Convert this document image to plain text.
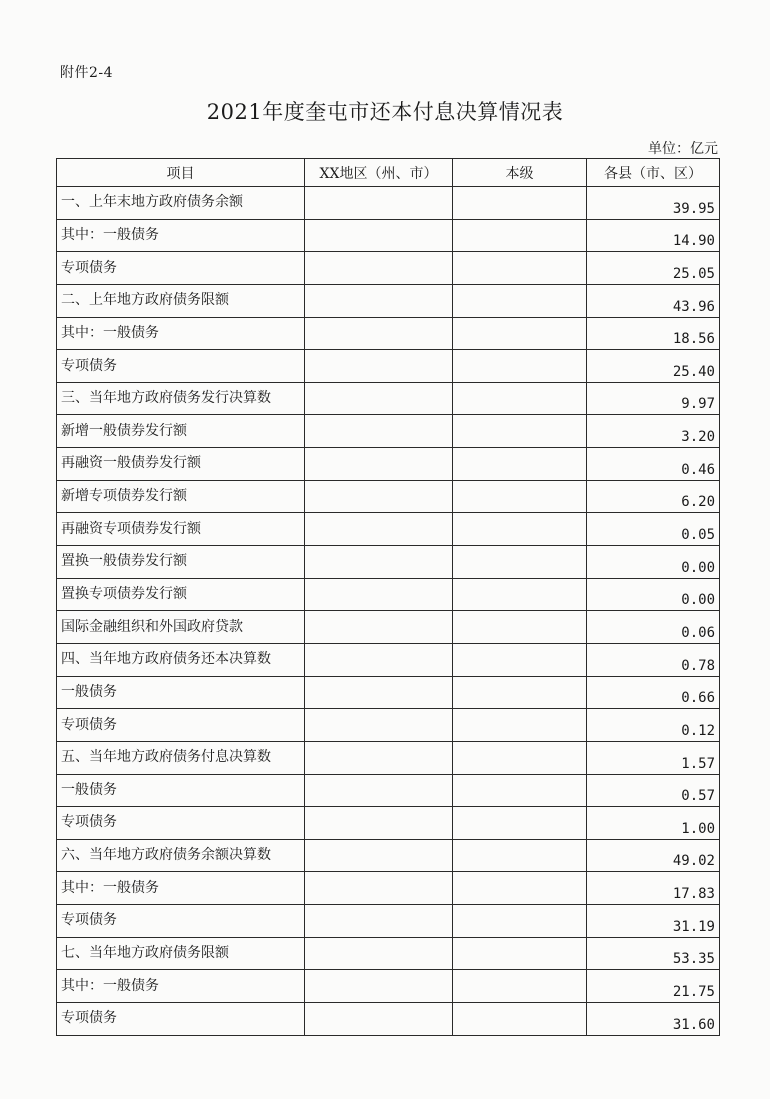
附件2-4
2021年度奎屯市还本付息决算情况表
单位：亿元
项目	XX地区（州、市）	本级	各县（市、区）
一、上年末地方政府债务余额			39.95
其中：一般债务			14.90
专项债务			25.05
二、上年地方政府债务限额			43.96
其中：一般债务			18.56
专项债务			25.40
三、当年地方政府债务发行决算数			9.97
新增一般债券发行额			3.20
再融资一般债券发行额			0.46
新增专项债券发行额			6.20
再融资专项债券发行额			0.05
置换一般债券发行额			0.00
置换专项债券发行额			0.00
国际金融组织和外国政府贷款			0.06
四、当年地方政府债务还本决算数			0.78
一般债务			0.66
专项债务			0.12
五、当年地方政府债务付息决算数			1.57
一般债务			0.57
专项债务			1.00
六、当年地方政府债务余额决算数			49.02
其中：一般债务			17.83
专项债务			31.19
七、当年地方政府债务限额			53.35
其中：一般债务			21.75
专项债务			31.60
